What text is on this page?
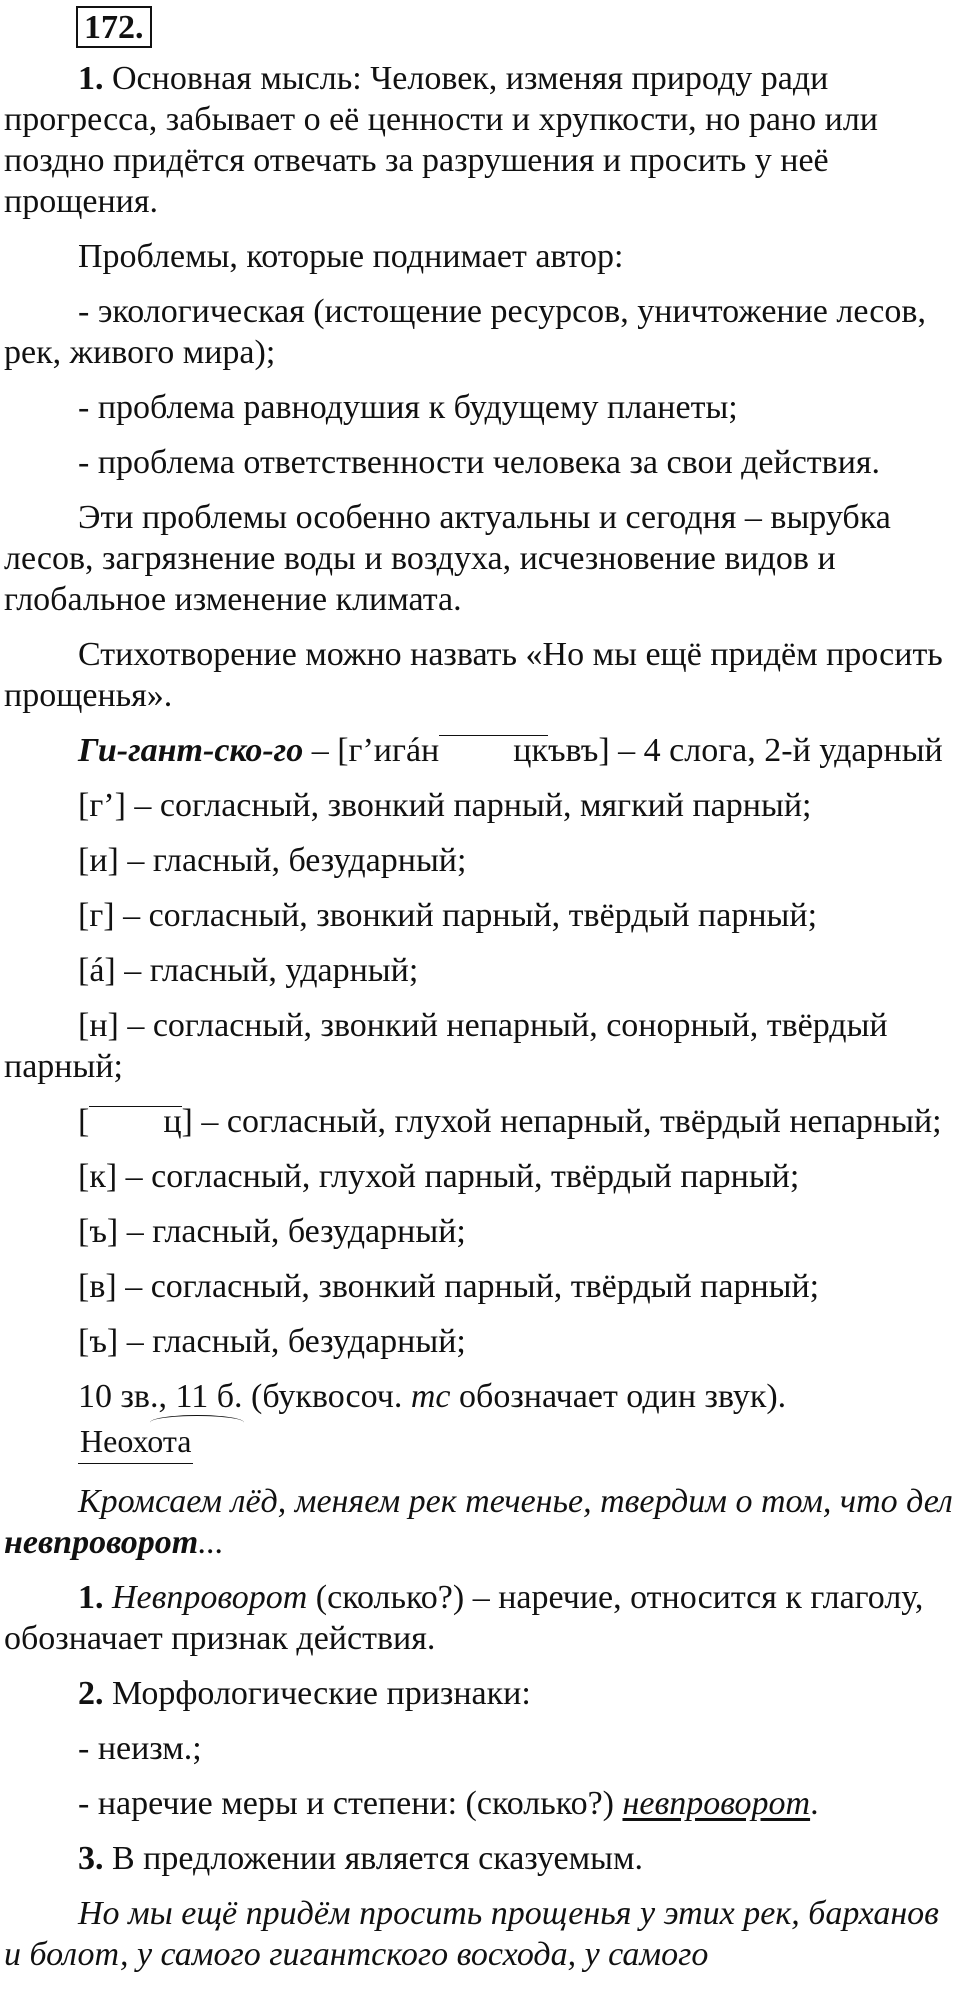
172.

1. Основная мысль: Человек, изменяя природу ради прогресса, забывает о её ценности и хрупкости, но рано или поздно придётся отвечать за разрушения и просить у неё прощения.

Проблемы, которые поднимает автор:

- экологическая (истощение ресурсов, уничтожение лесов, рек, живого мира);

- проблема равнодушия к будущему планеты;

- проблема ответственности человека за свои действия.

Эти проблемы особенно актуальны и сегодня – вырубка лесов, загрязнение воды и воздуха, исчезновение видов и глобальное изменение климата.

Стихотворение можно назвать «Но мы ещё придём просить прощенья».

Ги-гант-ско-го – [г’игáн цкъвъ] – 4 слога, 2-й ударный

[г’] – согласный, звонкий парный, мягкий парный;

[и] – гласный, безударный;

[г] – согласный, звонкий парный, твёрдый парный;

[á] – гласный, ударный;

[н] – согласный, звонкий непарный, сонорный, твёрдый парный;

[ ц] – согласный, глухой непарный, твёрдый непарный;

[к] – согласный, глухой парный, твёрдый парный;

[ъ] – гласный, безударный;

[в] – согласный, звонкий парный, твёрдый парный;

[ъ] – гласный, безударный;

10 зв., 11 б. (буквосоч. тс обозначает один звук).

Неохота

Кромсаем лёд, меняем рек теченье, твердим о том, что дел невпроворот...

1. Невпроворот (сколько?) – наречие, относится к глаголу, обозначает признак действия.

2. Морфологические признаки:

- неизм.;

- наречие меры и степени: (сколько?) невпроворот.

3. В предложении является сказуемым.

Но мы ещё придём просить прощенья у этих рек, барханов и болот, у самого гигантского восхода, у самого
